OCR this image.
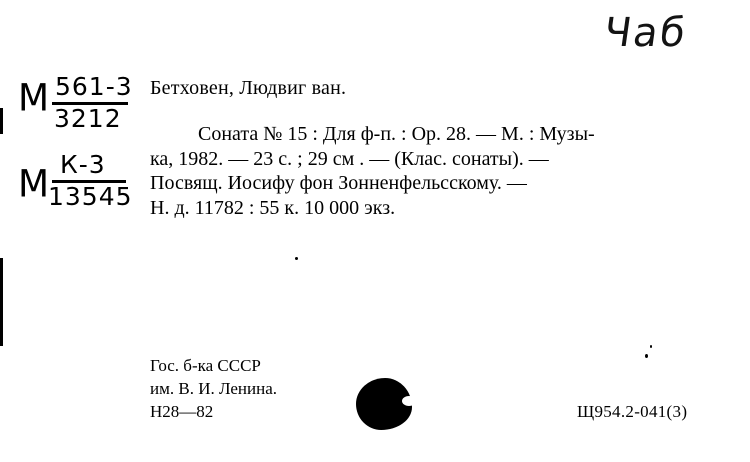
Чаб
М 561-3
3212
М К-3
13545
Бетховен, Людвиг ван.
Соната № 15 : Для ф-п. : Ор. 28. — М. : Музы-
ка, 1982. — 23 с. ; 29 см . — (Клас. сонаты). —
Посвящ. Иосифу фон Зонненфельсскому. —
Н. д. 11782 : 55 к. 10 000 экз.
Гос. б-ка СССР
им. В. И. Ленина.
Н28—82	Щ954.2-041(3)
